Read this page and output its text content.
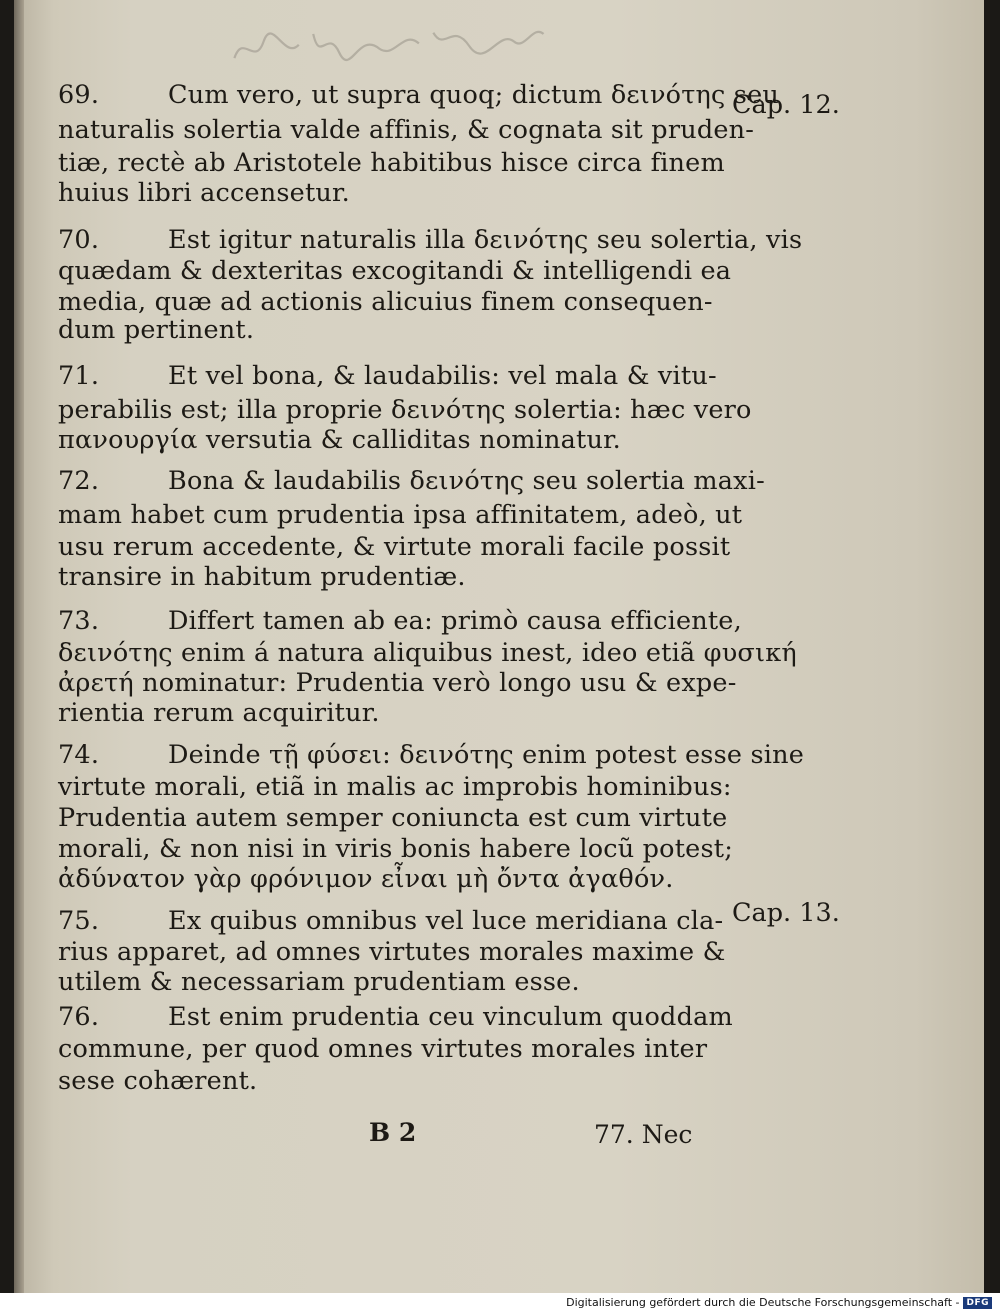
69.	Cum vero, ut supra quoq; dictum δεινότης seu
naturalis solertia valde affinis, & cognata sit pruden-
tiæ, rectè ab Aristotele habitibus hisce circa finem
huius libri accensetur.
70.	Est igitur naturalis illa δεινότης seu solertia, vis
quædam & dexteritas excogitandi & intelligendi ea
media, quæ ad actionis alicuius finem consequen-
dum pertinent.
71.	Et vel bona, & laudabilis: vel mala & vitu-
perabilis est; illa proprie δεινότης solertia: hæc vero
πανουργία versutia & calliditas nominatur.
72.	Bona & laudabilis δεινότης seu solertia maxi-
mam habet cum prudentia ipsa affinitatem, adeò, ut
usu rerum accedente, & virtute morali facile possit
transire in habitum prudentiæ.
73.	Differt tamen ab ea: primò causa efficiente,
δεινότης enim á natura aliquibus inest, ideo etiã φυσική
ἀρετή nominatur: Prudentia verò longo usu & expe-
rientia rerum acquiritur.
74.	Deinde τῇ φύσει: δεινότης enim potest esse sine
virtute morali, etiã in malis ac improbis hominibus:
Prudentia autem semper coniuncta est cum virtute
morali, & non nisi in viris bonis habere locũ potest;
ἀδύνατον γὰρ φρόνιμον εἶναι μὴ ὄντα ἀγαθόν.
75.	Ex quibus omnibus vel luce meridiana cla-
rius apparet, ad omnes virtutes morales maxime &
utilem & necessariam prudentiam esse.
76.	Est enim prudentia ceu vinculum quoddam
commune, per quod omnes virtutes morales inter
sese cohærent.
Cap. 12.
Cap. 13.
B 2	77. Nec
Digitalisierung gefördert durch die Deutsche Forschungsgemeinschaft - DFG
